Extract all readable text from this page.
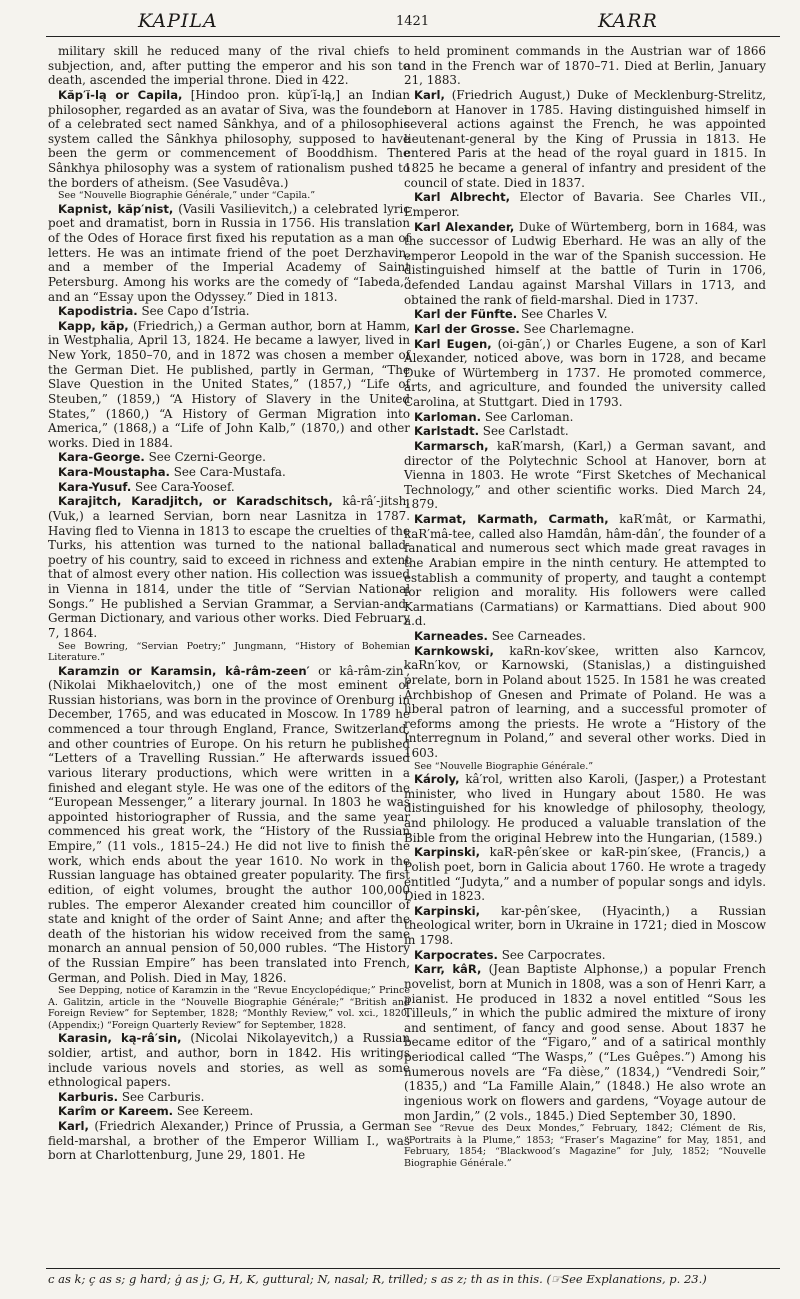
KAPILA	1421	KARR

military skill he reduced many of the rival chiefs to subjection, and, after putting the emperor and his son to death, ascended the imperial throne. Died in 422.

Kăp′ĭ-lą or Capila, [Hindoo pron. kŭp′ĭ-lą,] an Indian philosopher, regarded as an avatar of Siva, was the founder of a celebrated sect named Sânkhya, and of a philosophic system called the Sânkhya philosophy, supposed to have been the germ or commencement of Booddhism. The Sânkhya philosophy was a system of rationalism pushed to the borders of atheism. (See Vasudêva.)

See “Nouvelle Biographie Générale,” under “Capila.”

Kapnist, kăp′nist, (Vasili Vasilievitch,) a celebrated lyric poet and dramatist, born in Russia in 1756. His translation of the Odes of Horace first fixed his reputation as a man of letters. He was an intimate friend of the poet Derzhavin, and a member of the Imperial Academy of Saint Petersburg. Among his works are the comedy of “Iabeda,” and an “Essay upon the Odyssey.” Died in 1813.

Kapodistria. See Capo d’Istria.

Kapp, kăp, (Friedrich,) a German author, born at Hamm, in Westphalia, April 13, 1824. He became a lawyer, lived in New York, 1850–70, and in 1872 was chosen a member of the German Diet. He published, partly in German, “The Slave Question in the United States,” (1857,) “Life of Steuben,” (1859,) “A History of Slavery in the United States,” (1860,) “A History of German Migration into America,” (1868,) a “Life of John Kalb,” (1870,) and other works. Died in 1884.

Kara-George. See Czerni-George.

Kara-Moustapha. See Cara-Mustafa.

Kara-Yusuf. See Cara-Yoosef.

Karajitch, Karadjitch, or Karadschitsch, kâ-râ′-jitsh, (Vuk,) a learned Servian, born near Lasnitza in 1787. Having fled to Vienna in 1813 to escape the cruelties of the Turks, his attention was turned to the national ballad-poetry of his country, said to exceed in richness and extent that of almost every other nation. His collection was issued in Vienna in 1814, under the title of “Servian National Songs.” He published a Servian Grammar, a Servian-and-German Dictionary, and various other works. Died February 7, 1864.

See Bowring, “Servian Poetry;” Jungmann, “History of Bohemian Literature.”

Karamzin or Karamsin, kâ-râm-zeen′ or kâ-râm-zin′, (Nikolai Mikhaelovitch,) one of the most eminent of Russian historians, was born in the province of Orenburg in December, 1765, and was educated in Moscow. In 1789 he commenced a tour through England, France, Switzerland, and other countries of Europe. On his return he published “Letters of a Travelling Russian.” He afterwards issued various literary productions, which were written in a finished and elegant style. He was one of the editors of the “European Messenger,” a literary journal. In 1803 he was appointed historiographer of Russia, and the same year commenced his great work, the “History of the Russian Empire,” (11 vols., 1815–24.) He did not live to finish the work, which ends about the year 1610. No work in the Russian language has obtained greater popularity. The first edition, of eight volumes, brought the author 100,000 rubles. The emperor Alexander created him councillor of state and knight of the order of Saint Anne; and after the death of the historian his widow received from the same monarch an annual pension of 50,000 rubles. “The History of the Russian Empire” has been translated into French, German, and Polish. Died in May, 1826.

See Depping, notice of Karamzin in the “Revue Encyclopédique;” Prince A. Galitzin, article in the “Nouvelle Biographie Générale;” “British and Foreign Review” for September, 1828; “Monthly Review,” vol. xci., 1820, (Appendix;) “Foreign Quarterly Review” for September, 1828.

Karasin, ką-râ′sin, (Nicolai Nikolayevitch,) a Russian soldier, artist, and author, born in 1842. His writings include various novels and stories, as well as some ethnological papers.

Karburis. See Carburis.

Karîm or Kareem. See Kereem.

Karl, (Friedrich Alexander,) Prince of Prussia, a German field-marshal, a brother of the Emperor William I., was born at Charlottenburg, June 29, 1801. He

held prominent commands in the Austrian war of 1866 and in the French war of 1870–71. Died at Berlin, January 21, 1883.

Karl, (Friedrich August,) Duke of Mecklenburg-Strelitz, born at Hanover in 1785. Having distinguished himself in several actions against the French, he was appointed lieutenant-general by the King of Prussia in 1813. He entered Paris at the head of the royal guard in 1815. In 1825 he became a general of infantry and president of the council of state. Died in 1837.

Karl Albrecht, Elector of Bavaria. See Charles VII., Emperor.

Karl Alexander, Duke of Würtemberg, born in 1684, was the successor of Ludwig Eberhard. He was an ally of the emperor Leopold in the war of the Spanish succession. He distinguished himself at the battle of Turin in 1706, defended Landau against Marshal Villars in 1713, and obtained the rank of field-marshal. Died in 1737.

Karl der Fünfte. See Charles V.

Karl der Grosse. See Charlemagne.

Karl Eugen, (oi-gān′,) or Charles Eugene, a son of Karl Alexander, noticed above, was born in 1728, and became Duke of Würtemberg in 1737. He promoted commerce, arts, and agriculture, and founded the university called Carolina, at Stuttgart. Died in 1793.

Karloman. See Carloman.

Karlstadt. See Carlstadt.

Karmarsch, kaR′marsh, (Karl,) a German savant, and director of the Polytechnic School at Hanover, born at Vienna in 1803. He wrote “First Sketches of Mechanical Technology,” and other scientific works. Died March 24, 1879.

Karmat, Karmath, Carmath, kaR′mât, or Karmathi, kaR′mâ-tee, called also Hamdân, hâm-dân′, the founder of a fanatical and numerous sect which made great ravages in the Arabian empire in the ninth century. He attempted to establish a community of property, and taught a contempt for religion and morality. His followers were called Karmatians (Carmatians) or Karmattians. Died about 900 a.d.

Karneades. See Carneades.

Karnkowski, kaRn-kov′skee, written also Karncov, kaRn′kov, or Karnowski, (Stanislas,) a distinguished prelate, born in Poland about 1525. In 1581 he was created Archbishop of Gnesen and Primate of Poland. He was a liberal patron of learning, and a successful promoter of reforms among the priests. He wrote a “History of the Interregnum in Poland,” and several other works. Died in 1603.

See “Nouvelle Biographie Générale.”

Károly, kâ′rol, written also Karoli, (Jasper,) a Protestant minister, who lived in Hungary about 1580. He was distinguished for his knowledge of philosophy, theology, and philology. He produced a valuable translation of the Bible from the original Hebrew into the Hungarian, (1589.)

Karpinski, kaR-pên′skee or kaR-pin′skee, (Francis,) a Polish poet, born in Galicia about 1760. He wrote a tragedy entitled “Judyta,” and a number of popular songs and idyls. Died in 1823.

Karpinski, kar-pên′skee, (Hyacinth,) a Russian theological writer, born in Ukraine in 1721; died in Moscow in 1798.

Karpocrates. See Carpocrates.

Karr, kâR, (Jean Baptiste Alphonse,) a popular French novelist, born at Munich in 1808, was a son of Henri Karr, a pianist. He produced in 1832 a novel entitled “Sous les Tilleuls,” in which the public admired the mixture of irony and sentiment, of fancy and good sense. About 1837 he became editor of the “Figaro,” and of a satirical monthly periodical called “The Wasps,” (“Les Guêpes.”) Among his numerous novels are “Fa dièse,” (1834,) “Vendredi Soir,” (1835,) and “La Famille Alain,” (1848.) He also wrote an ingenious work on flowers and gardens, “Voyage autour de mon Jardin,” (2 vols., 1845.) Died September 30, 1890.

See “Revue des Deux Mondes,” February, 1842; Clément de Ris, “Portraits à la Plume,” 1853; “Fraser’s Magazine” for May, 1851, and February, 1854; “Blackwood’s Magazine” for July, 1852; “Nouvelle Biographie Générale.”

ᴄ as k; ç as s; g hard; ġ as j; G, H, K, guttural; N, nasal; R, trilled; s as z; th as in this. (☞See Explanations, p. 23.)
